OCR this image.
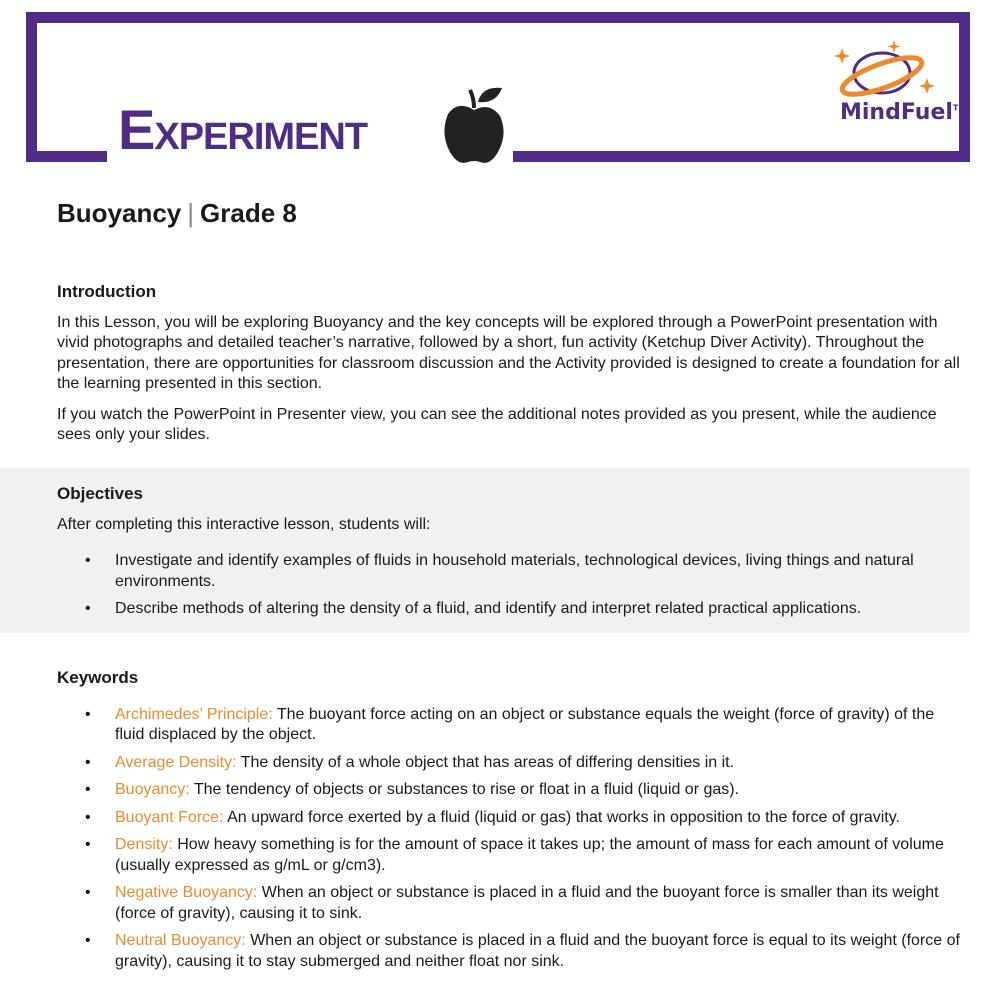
EXPERIMENT
MindFuel™
Buoyancy | Grade 8
Introduction

In this Lesson, you will be exploring Buoyancy and the key concepts will be explored through a PowerPoint presentation with vivid photographs and detailed teacher’s narrative, followed by a short, fun activity (Ketchup Diver Activity). Throughout the presentation, there are opportunities for classroom discussion and the Activity provided is designed to create a foundation for all the learning presented in this section.

If you watch the PowerPoint in Presenter view, you can see the additional notes provided as you present, while the audience sees only your slides.

Objectives

After completing this interactive lesson, students will:

• Investigate and identify examples of fluids in household materials, technological devices, living things and natural environments.
• Describe methods of altering the density of a fluid, and identify and interpret related practical applications.
Keywords
• Archimedes’ Principle: The buoyant force acting on an object or substance equals the weight (force of gravity) of the fluid displaced by the object.
• Average Density: The density of a whole object that has areas of differing densities in it.
• Buoyancy: The tendency of objects or substances to rise or float in a fluid (liquid or gas).
• Buoyant Force: An upward force exerted by a fluid (liquid or gas) that works in opposition to the force of gravity.
• Density: How heavy something is for the amount of space it takes up; the amount of mass for each amount of volume (usually expressed as g/mL or g/cm3).
• Negative Buoyancy: When an object or substance is placed in a fluid and the buoyant force is smaller than its weight (force of gravity), causing it to sink.
• Neutral Buoyancy: When an object or substance is placed in a fluid and the buoyant force is equal to its weight (force of gravity), causing it to stay submerged and neither float nor sink.
